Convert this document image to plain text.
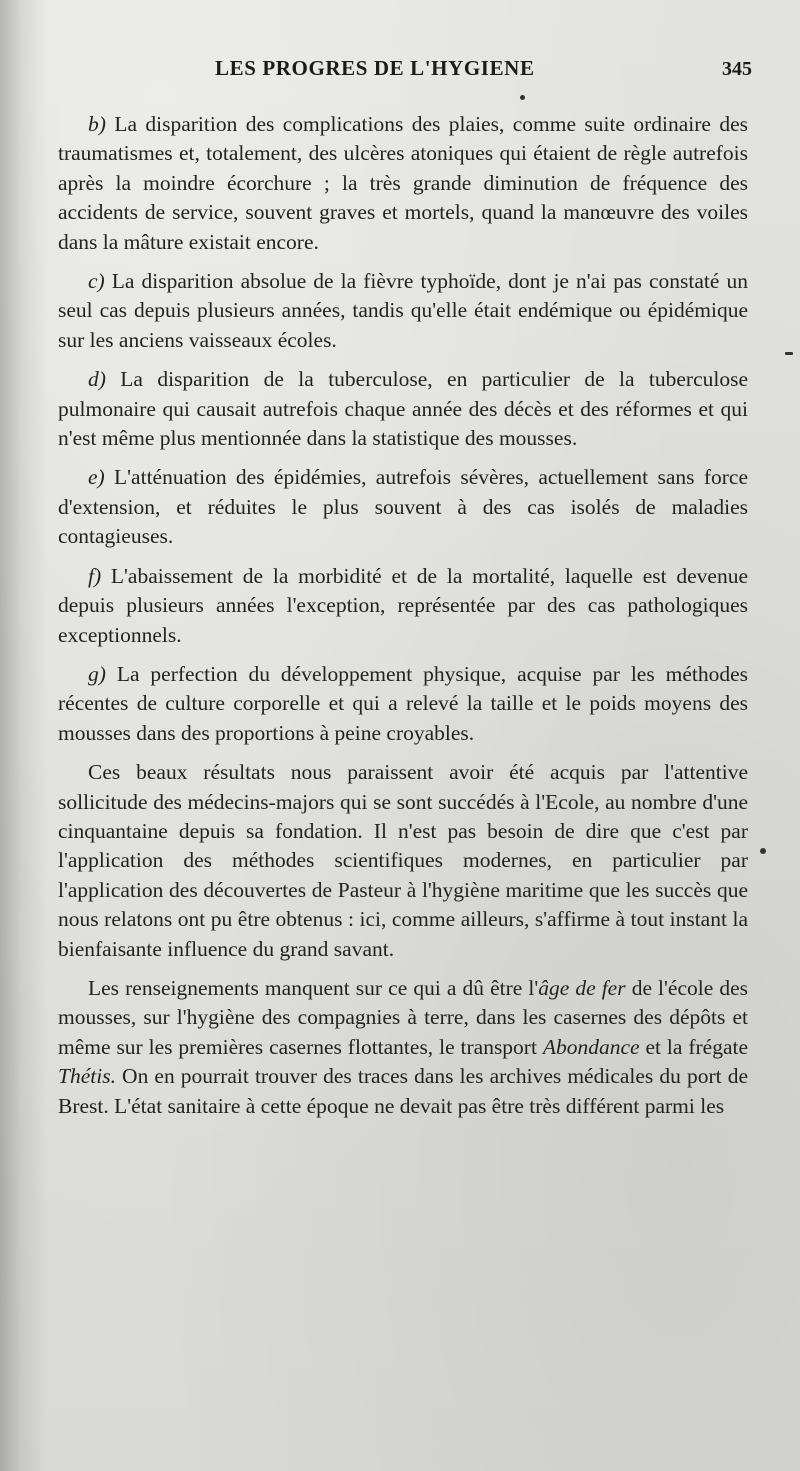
LES PROGRES DE L'HYGIENE	345

b) La disparition des complications des plaies, comme suite ordinaire des traumatismes et, totalement, des ulcères atoniques qui étaient de règle autrefois après la moindre écorchure ; la très grande diminution de fréquence des accidents de service, souvent graves et mortels, quand la manœuvre des voiles dans la mâture existait encore.

c) La disparition absolue de la fièvre typhoïde, dont je n'ai pas constaté un seul cas depuis plusieurs années, tandis qu'elle était endémique ou épidémique sur les anciens vaisseaux écoles.

d) La disparition de la tuberculose, en particulier de la tuberculose pulmonaire qui causait autrefois chaque année des décès et des réformes et qui n'est même plus mentionnée dans la statistique des mousses.

e) L'atténuation des épidémies, autrefois sévères, actuellement sans force d'extension, et réduites le plus souvent à des cas isolés de maladies contagieuses.

f) L'abaissement de la morbidité et de la mortalité, laquelle est devenue depuis plusieurs années l'exception, représentée par des cas pathologiques exceptionnels.

g) La perfection du développement physique, acquise par les méthodes récentes de culture corporelle et qui a relevé la taille et le poids moyens des mousses dans des proportions à peine croyables.

Ces beaux résultats nous paraissent avoir été acquis par l'attentive sollicitude des médecins-majors qui se sont succédés à l'Ecole, au nombre d'une cinquantaine depuis sa fondation. Il n'est pas besoin de dire que c'est par l'application des méthodes scientifiques modernes, en particulier par l'application des découvertes de Pasteur à l'hygiène maritime que les succès que nous relatons ont pu être obtenus : ici, comme ailleurs, s'affirme à tout instant la bienfaisante influence du grand savant.

Les renseignements manquent sur ce qui a dû être l'âge de fer de l'école des mousses, sur l'hygiène des compagnies à terre, dans les casernes des dépôts et même sur les premières casernes flottantes, le transport Abondance et la frégate Thétis. On en pourrait trouver des traces dans les archives médicales du port de Brest. L'état sanitaire à cette époque ne devait pas être très différent parmi les
